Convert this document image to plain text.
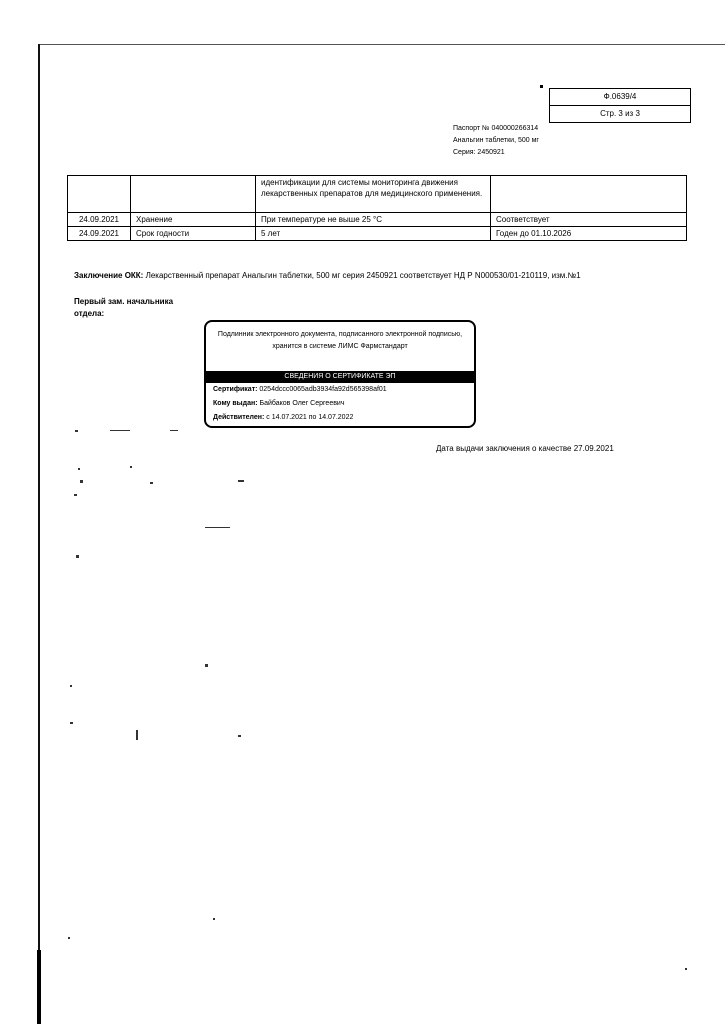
Ф.0639/4
Стр. 3 из 3
Паспорт № 040000266314
Анальгин таблетки, 500 мг
Серия: 2450921
		идентификации для системы мониторинга движения лекарственных препаратов для медицинского применения.	
24.09.2021	Хранение	При температуре не выше 25 °С	Соответствует
24.09.2021	Срок годности	5 лет	Годен до 01.10.2026
Заключение ОКК: Лекарственный препарат Анальгин таблетки, 500 мг серия 2450921 соответствует НД Р N000530/01-210119, изм.№1
Первый зам. начальника
отдела:
Подлинник электронного документа, подписанного электронной подписью, хранится в системе ЛИМС Фармстандарт
СВЕДЕНИЯ О СЕРТИФИКАТЕ ЭП
Сертификат: 0254dccc0065adb3934fa92d565398af01
Кому выдан: Байбаков Олег Сергеевич
Действителен: с 14.07.2021 по 14.07.2022
Дата выдачи заключения о качестве 27.09.2021
